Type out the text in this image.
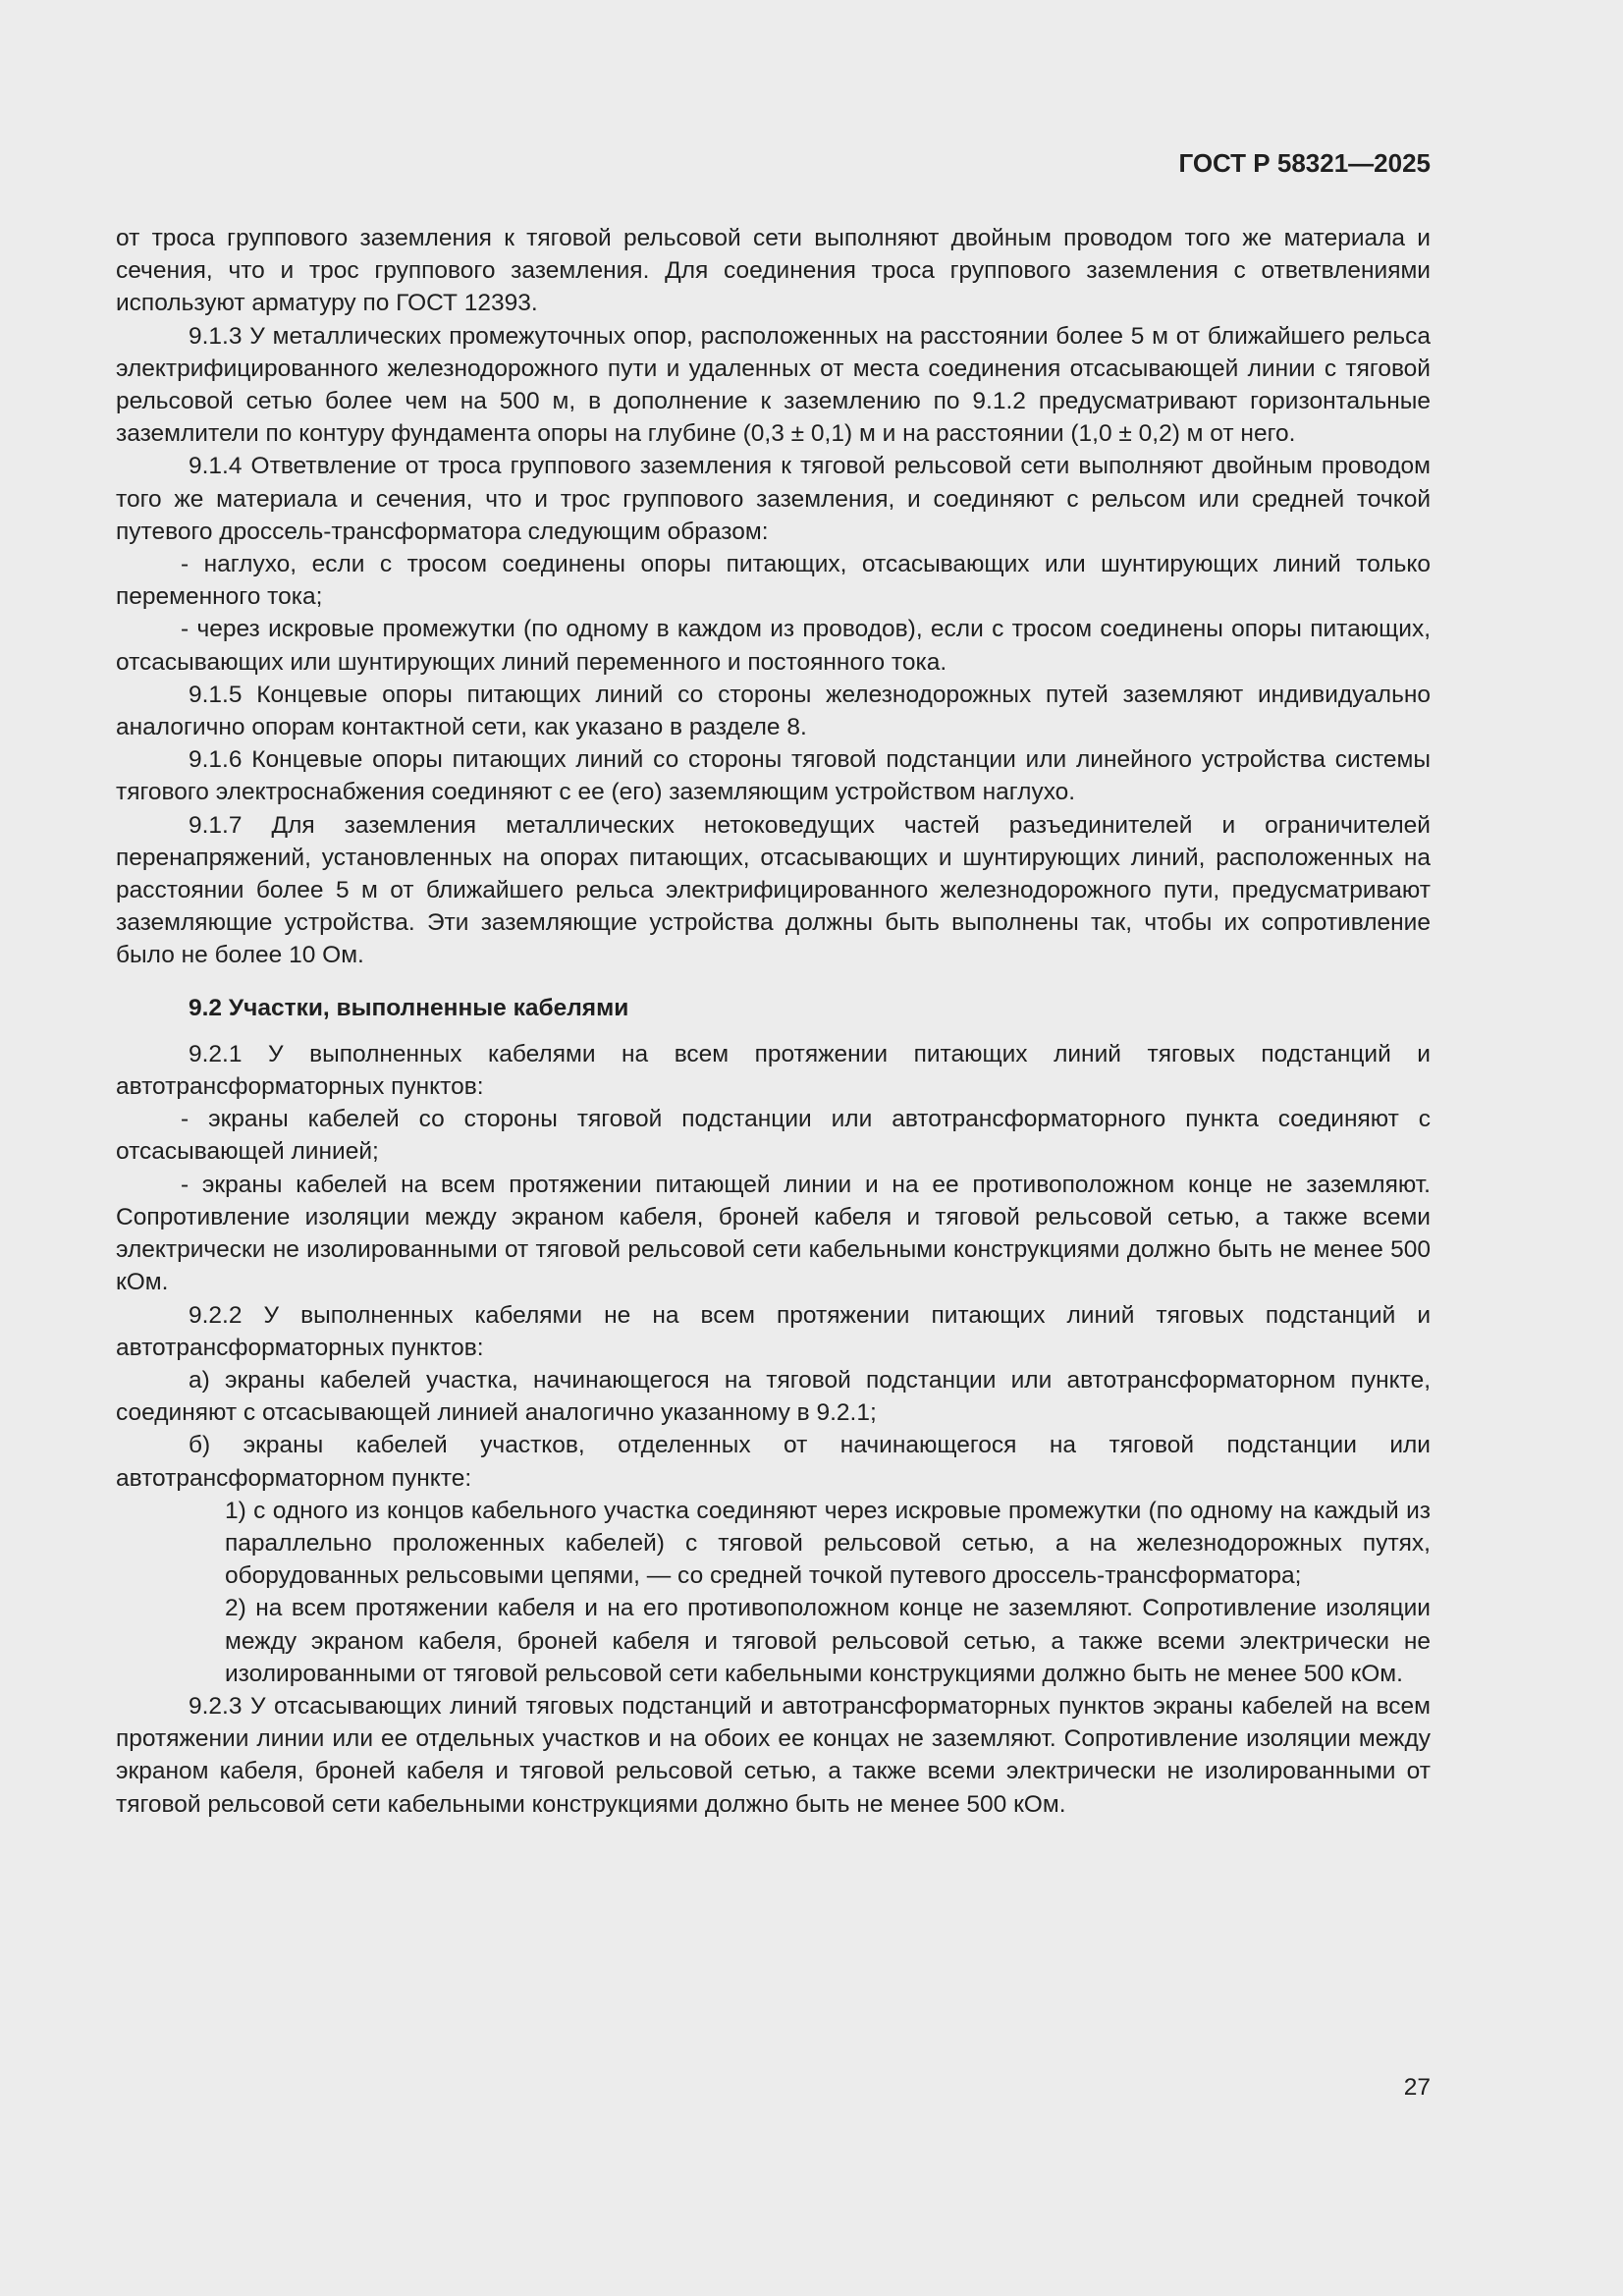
ГОСТ Р 58321—2025

от троса группового заземления к тяговой рельсовой сети выполняют двойным проводом того же материала и сечения, что и трос группового заземления. Для соединения троса группового заземления с ответвлениями используют арматуру по ГОСТ 12393.

9.1.3 У металлических промежуточных опор, расположенных на расстоянии более 5 м от ближайшего рельса электрифицированного железнодорожного пути и удаленных от места соединения отсасывающей линии с тяговой рельсовой сетью более чем на 500 м, в дополнение к заземлению по 9.1.2 предусматривают горизонтальные заземлители по контуру фундамента опоры на глубине (0,3 ± 0,1) м и на расстоянии (1,0 ± 0,2) м от него.

9.1.4 Ответвление от троса группового заземления к тяговой рельсовой сети выполняют двойным проводом того же материала и сечения, что и трос группового заземления, и соединяют с рельсом или средней точкой путевого дроссель-трансформатора следующим образом:

- наглухо, если с тросом соединены опоры питающих, отсасывающих или шунтирующих линий только переменного тока;

- через искровые промежутки (по одному в каждом из проводов), если с тросом соединены опоры питающих, отсасывающих или шунтирующих линий переменного и постоянного тока.

9.1.5 Концевые опоры питающих линий со стороны железнодорожных путей заземляют индивидуально аналогично опорам контактной сети, как указано в разделе 8.

9.1.6 Концевые опоры питающих линий со стороны тяговой подстанции или линейного устройства системы тягового электроснабжения соединяют с ее (его) заземляющим устройством наглухо.

9.1.7 Для заземления металлических нетоковедущих частей разъединителей и ограничителей перенапряжений, установленных на опорах питающих, отсасывающих и шунтирующих линий, расположенных на расстоянии более 5 м от ближайшего рельса электрифицированного железнодорожного пути, предусматривают заземляющие устройства. Эти заземляющие устройства должны быть выполнены так, чтобы их сопротивление было не более 10 Ом.

9.2 Участки, выполненные кабелями

9.2.1 У выполненных кабелями на всем протяжении питающих линий тяговых подстанций и автотрансформаторных пунктов:

- экраны кабелей со стороны тяговой подстанции или автотрансформаторного пункта соединяют с отсасывающей линией;

- экраны кабелей на всем протяжении питающей линии и на ее противоположном конце не заземляют. Сопротивление изоляции между экраном кабеля, броней кабеля и тяговой рельсовой сетью, а также всеми электрически не изолированными от тяговой рельсовой сети кабельными конструкциями должно быть не менее 500 кОм.

9.2.2 У выполненных кабелями не на всем протяжении питающих линий тяговых подстанций и автотрансформаторных пунктов:

а) экраны кабелей участка, начинающегося на тяговой подстанции или автотрансформаторном пункте, соединяют с отсасывающей линией аналогично указанному в 9.2.1;

б) экраны кабелей участков, отделенных от начинающегося на тяговой подстанции или автотрансформаторном пункте:

1) с одного из концов кабельного участка соединяют через искровые промежутки (по одному на каждый из параллельно проложенных кабелей) с тяговой рельсовой сетью, а на железнодорожных путях, оборудованных рельсовыми цепями, — со средней точкой путевого дроссель-трансформатора;

2) на всем протяжении кабеля и на его противоположном конце не заземляют. Сопротивление изоляции между экраном кабеля, броней кабеля и тяговой рельсовой сетью, а также всеми электрически не изолированными от тяговой рельсовой сети кабельными конструкциями должно быть не менее 500 кОм.

9.2.3 У отсасывающих линий тяговых подстанций и автотрансформаторных пунктов экраны кабелей на всем протяжении линии или ее отдельных участков и на обоих ее концах не заземляют. Сопротивление изоляции между экраном кабеля, броней кабеля и тяговой рельсовой сетью, а также всеми электрически не изолированными от тяговой рельсовой сети кабельными конструкциями должно быть не менее 500 кОм.

27
